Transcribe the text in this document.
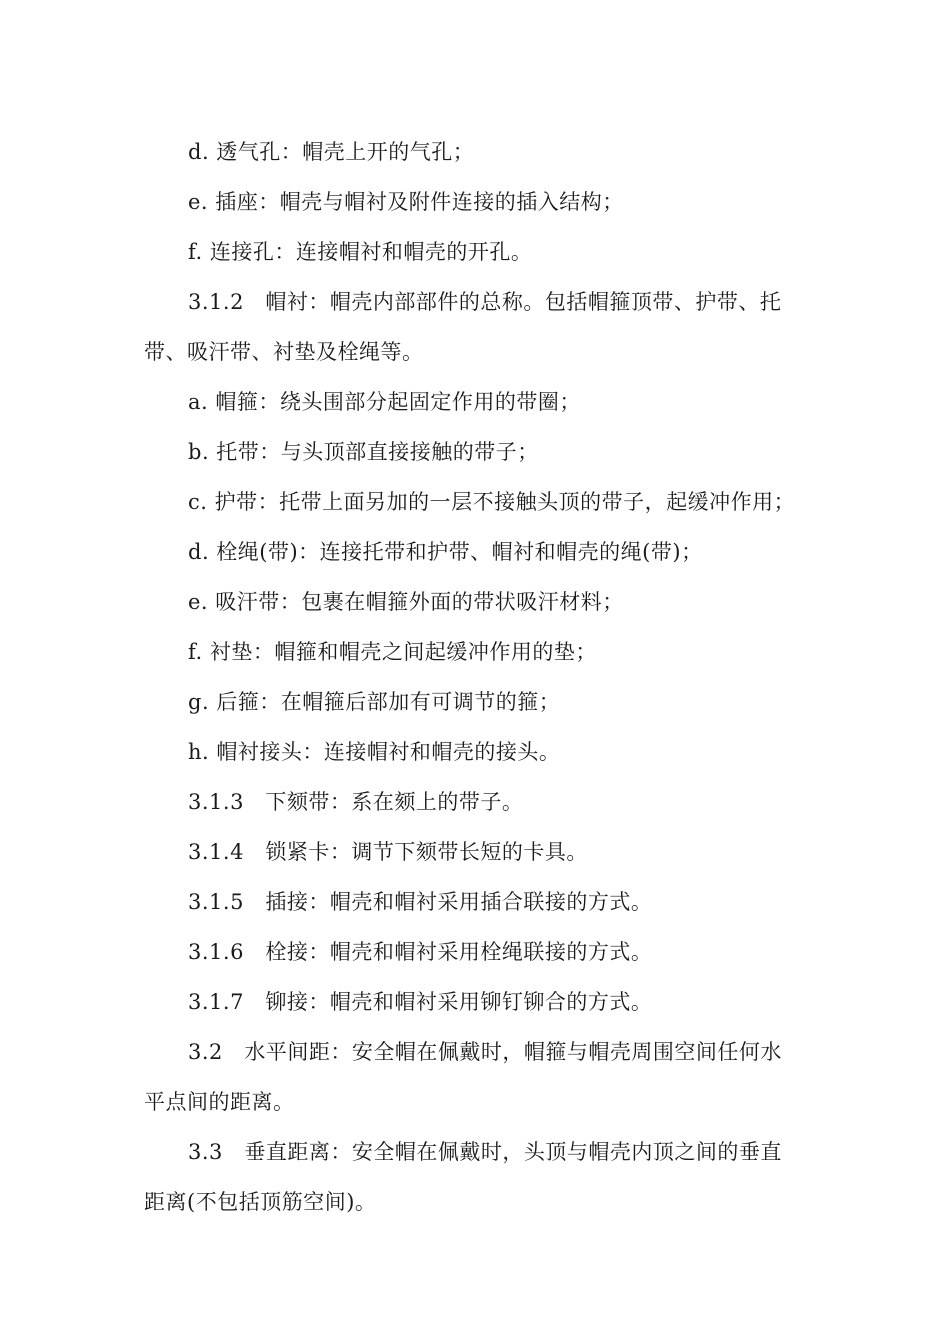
d. 透气孔：帽壳上开的气孔；
e. 插座：帽壳与帽衬及附件连接的插入结构；
f. 连接孔：连接帽衬和帽壳的开孔。
3.1.2　帽衬：帽壳内部部件的总称。包括帽箍顶带、护带、托
带、吸汗带、衬垫及栓绳等。
a. 帽箍：绕头围部分起固定作用的带圈；
b. 托带：与头顶部直接接触的带子；
c. 护带：托带上面另加的一层不接触头顶的带子，起缓冲作用；
d. 栓绳(带)：连接托带和护带、帽衬和帽壳的绳(带)；
e. 吸汗带：包裹在帽箍外面的带状吸汗材料；
f. 衬垫：帽箍和帽壳之间起缓冲作用的垫；
g. 后箍：在帽箍后部加有可调节的箍；
h. 帽衬接头：连接帽衬和帽壳的接头。
3.1.3　下颏带：系在颏上的带子。
3.1.4　锁紧卡：调节下颏带长短的卡具。
3.1.5　插接：帽壳和帽衬采用插合联接的方式。
3.1.6　栓接：帽壳和帽衬采用栓绳联接的方式。
3.1.7　铆接：帽壳和帽衬采用铆钉铆合的方式。
3.2　水平间距：安全帽在佩戴时，帽箍与帽壳周围空间任何水
平点间的距离。
3.3　垂直距离：安全帽在佩戴时，头顶与帽壳内顶之间的垂直
距离(不包括顶筋空间)。
